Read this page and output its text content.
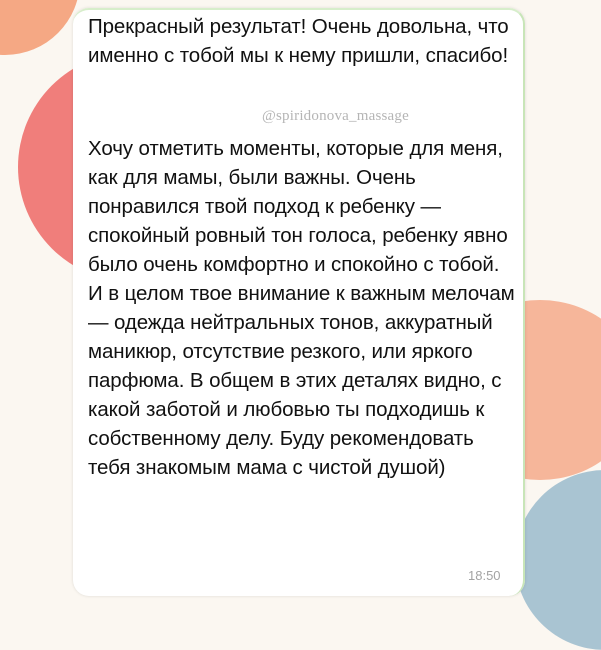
Прекрасный результат! Очень довольна, что именно с тобой мы к нему пришли, спасибо!

@spiridonova_massage

Хочу отметить моменты, которые для меня, как для мамы, были важны. Очень понравился твой подход к ребенку — спокойный ровный тон голоса, ребенку явно было очень комфортно и спокойно с тобой. И в целом твое внимание к важным мелочам — одежда нейтральных тонов, аккуратный маникюр, отсутствие резкого, или яркого парфюма. В общем в этих деталях видно, с какой заботой и любовью ты подходишь к собственному делу. Буду рекомендовать тебя знакомым мама с чистой душой)

18:50
